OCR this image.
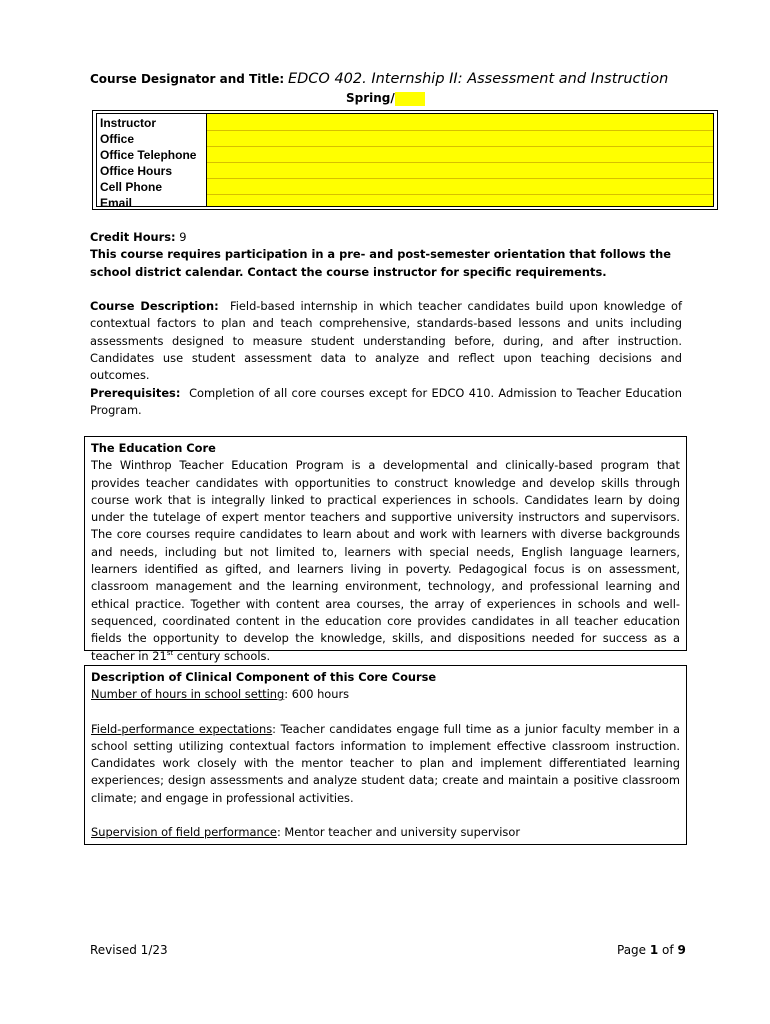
Course Designator and Title: EDCO 402. Internship II: Assessment and Instruction
Spring/
Instructor
Office
Office Telephone
Office Hours
Cell Phone
Email
Credit Hours: 9
This course requires participation in a pre- and post-semester orientation that follows the school district calendar. Contact the course instructor for specific requirements.
Course Description: Field-based internship in which teacher candidates build upon knowledge of contextual factors to plan and teach comprehensive, standards-based lessons and units including assessments designed to measure student understanding before, during, and after instruction. Candidates use student assessment data to analyze and reflect upon teaching decisions and outcomes.
Prerequisites: Completion of all core courses except for EDCO 410. Admission to Teacher Education Program.
The Education Core
The Winthrop Teacher Education Program is a developmental and clinically-based program that provides teacher candidates with opportunities to construct knowledge and develop skills through course work that is integrally linked to practical experiences in schools. Candidates learn by doing under the tutelage of expert mentor teachers and supportive university instructors and supervisors. The core courses require candidates to learn about and work with learners with diverse backgrounds and needs, including but not limited to, learners with special needs, English language learners, learners identified as gifted, and learners living in poverty. Pedagogical focus is on assessment, classroom management and the learning environment, technology, and professional learning and ethical practice. Together with content area courses, the array of experiences in schools and well-sequenced, coordinated content in the education core provides candidates in all teacher education fields the opportunity to develop the knowledge, skills, and dispositions needed for success as a teacher in 21st century schools.
Description of Clinical Component of this Core Course
Number of hours in school setting: 600 hours
Field-performance expectations: Teacher candidates engage full time as a junior faculty member in a school setting utilizing contextual factors information to implement effective classroom instruction. Candidates work closely with the mentor teacher to plan and implement differentiated learning experiences; design assessments and analyze student data; create and maintain a positive classroom climate; and engage in professional activities.
Supervision of field performance: Mentor teacher and university supervisor
Revised 1/23	Page 1 of 9
